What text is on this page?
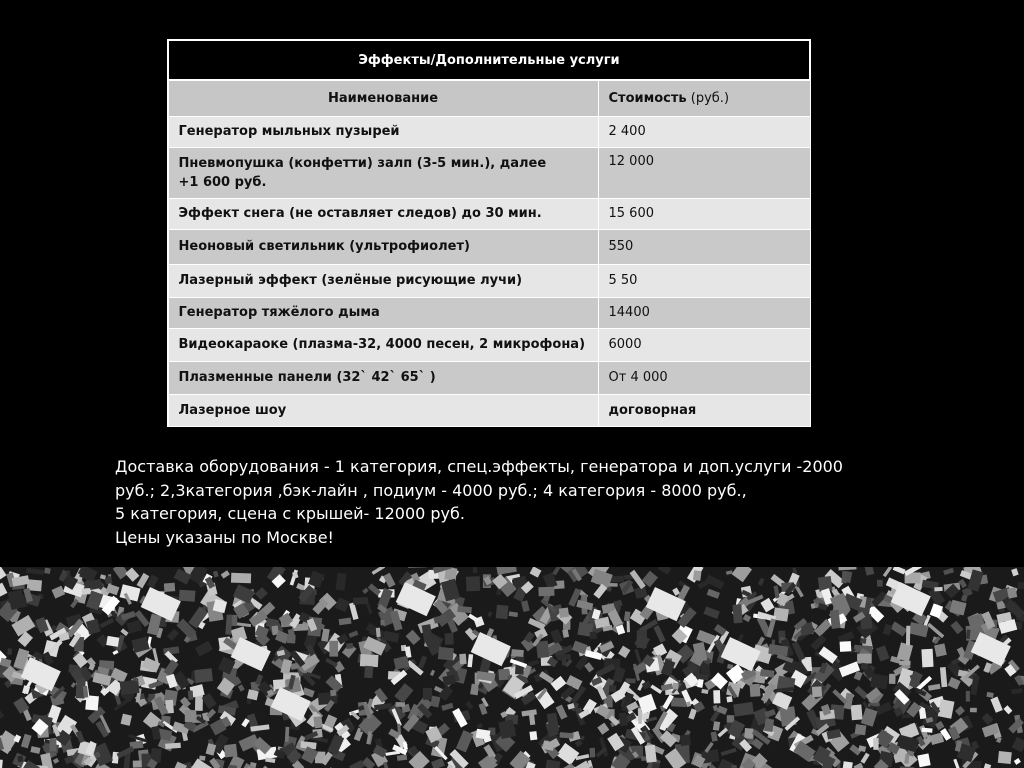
Эффекты/Дополнительные услуги	
Наименование	Стоимость (руб.)
Генератор мыльных пузырей	2 400
Пневмопушка (конфетти) залп (3-5 мин.), далее
+1 600 руб.	12 000
Эффект снега (не оставляет следов) до 30 мин.	15 600
Неоновый светильник (ультрофиолет)	550
Лазерный эффект (зелёные рисующие лучи)	5 50
Генератор тяжёлого дыма	14400
Видеокараоке (плазма-32, 4000 песен, 2 микрофона)	6000
Плазменные панели (32` 42` 65` )	От 4 000
Лазерное шоу	договорная
Доставка оборудования - 1 категория, спец.эффекты, генератора и доп.услуги -2000
руб.; 2,3категория ,бэк-лайн , подиум - 4000 руб.; 4 категория - 8000 руб.,
5 категория, сцена с крышей- 12000 руб.
Цены указаны по Москве!
